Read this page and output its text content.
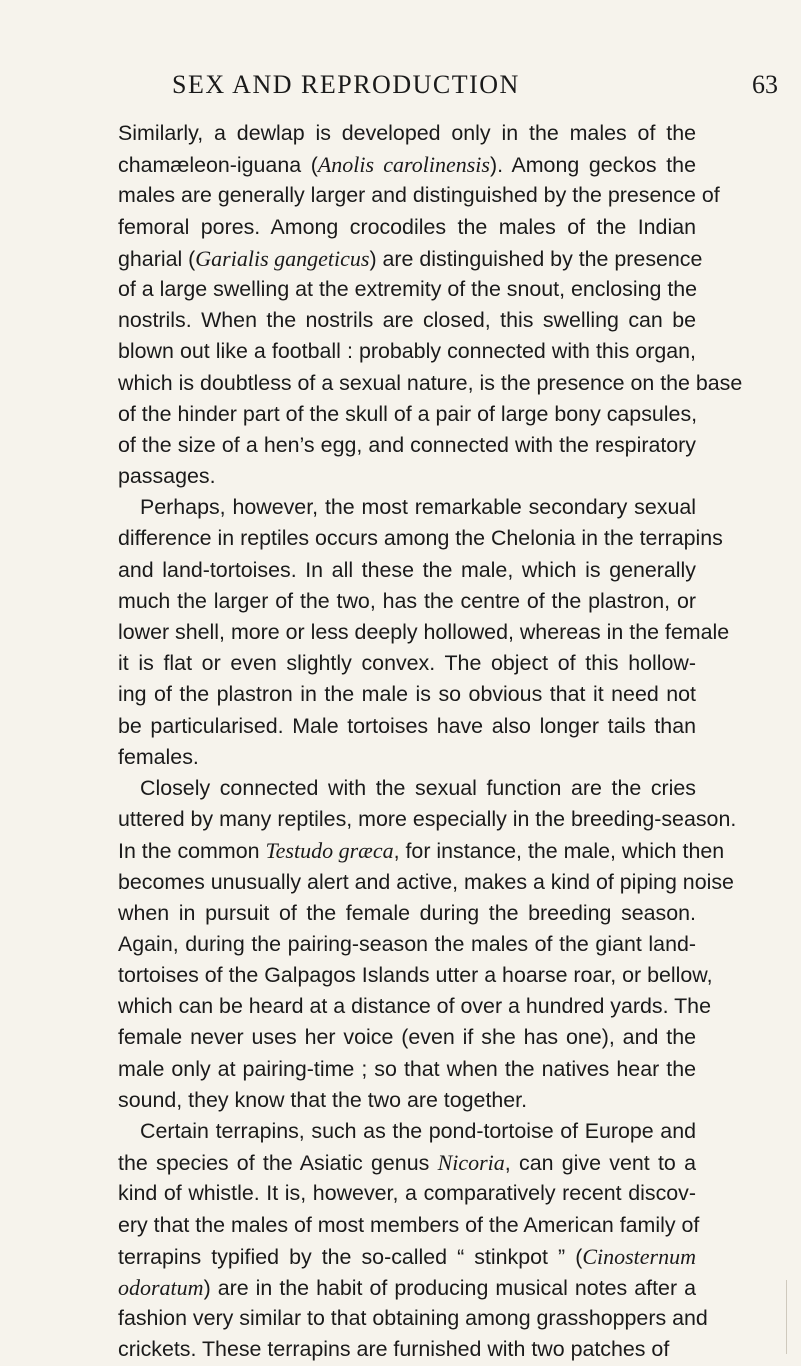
SEX AND REPRODUCTION	63
Similarly, a dewlap is developed only in the males of the
chamæleon-iguana (Anolis carolinensis). Among geckos the
males are generally larger and distinguished by the presence of
femoral pores. Among crocodiles the males of the Indian
gharial (Garialis gangeticus) are distinguished by the presence
of a large swelling at the extremity of the snout, enclosing the
nostrils. When the nostrils are closed, this swelling can be
blown out like a football : probably connected with this organ,
which is doubtless of a sexual nature, is the presence on the base
of the hinder part of the skull of a pair of large bony capsules,
of the size of a hen’s egg, and connected with the respiratory
passages.
Perhaps, however, the most remarkable secondary sexual
difference in reptiles occurs among the Chelonia in the terrapins
and land-tortoises. In all these the male, which is generally
much the larger of the two, has the centre of the plastron, or
lower shell, more or less deeply hollowed, whereas in the female
it is flat or even slightly convex. The object of this hollow-
ing of the plastron in the male is so obvious that it need not
be particularised. Male tortoises have also longer tails than
females.
Closely connected with the sexual function are the cries
uttered by many reptiles, more especially in the breeding-season.
In the common Testudo græca, for instance, the male, which then
becomes unusually alert and active, makes a kind of piping noise
when in pursuit of the female during the breeding season.
Again, during the pairing-season the males of the giant land-
tortoises of the Galpagos Islands utter a hoarse roar, or bellow,
which can be heard at a distance of over a hundred yards. The
female never uses her voice (even if she has one), and the
male only at pairing-time ; so that when the natives hear the
sound, they know that the two are together.
Certain terrapins, such as the pond-tortoise of Europe and
the species of the Asiatic genus Nicoria, can give vent to a
kind of whistle. It is, however, a comparatively recent discov-
ery that the males of most members of the American family of
terrapins typified by the so-called “ stinkpot ” (Cinosternum
odoratum) are in the habit of producing musical notes after a
fashion very similar to that obtaining among grasshoppers and
crickets. These terrapins are furnished with two patches of
